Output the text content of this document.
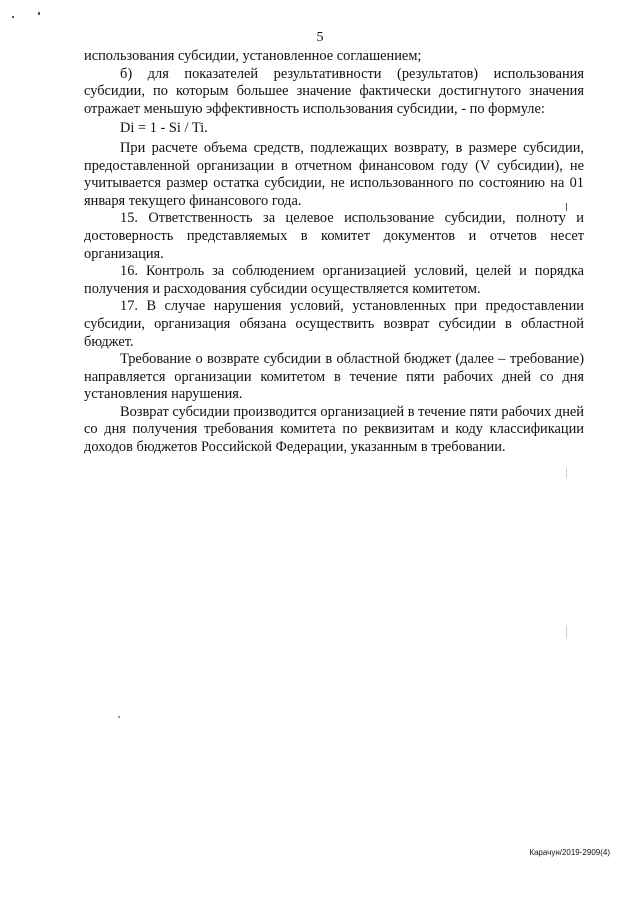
5

использования субсидии, установленное соглашением;

б) для показателей результативности (результатов) использования субсидии, по которым большее значение фактически достигнутого значения отражает меньшую эффективность использования субсидии, - по формуле:

Di = 1 - Si / Ti.

При расчете объема средств, подлежащих возврату, в размере субсидии, предоставленной организации в отчетном финансовом году (V субсидии), не учитывается размер остатка субсидии, не использованного по состоянию на 01 января текущего финансового года.

15. Ответственность за целевое использование субсидии, полноту и достоверность представляемых в комитет документов и отчетов несет организация.

16. Контроль за соблюдением организацией условий, целей и порядка получения и расходования субсидии осуществляется комитетом.

17. В случае нарушения условий, установленных при предоставлении субсидии, организация обязана осуществить возврат субсидии в областной бюджет.

Требование о возврате субсидии в областной бюджет (далее – требование) направляется организации комитетом в течение пяти рабочих дней со дня установления нарушения.

Возврат субсидии производится организацией в течение пяти рабочих дней со дня получения требования комитета по реквизитам и коду классификации доходов бюджетов Российской Федерации, указанным в требовании.

Карачун/2019-2909(4)
